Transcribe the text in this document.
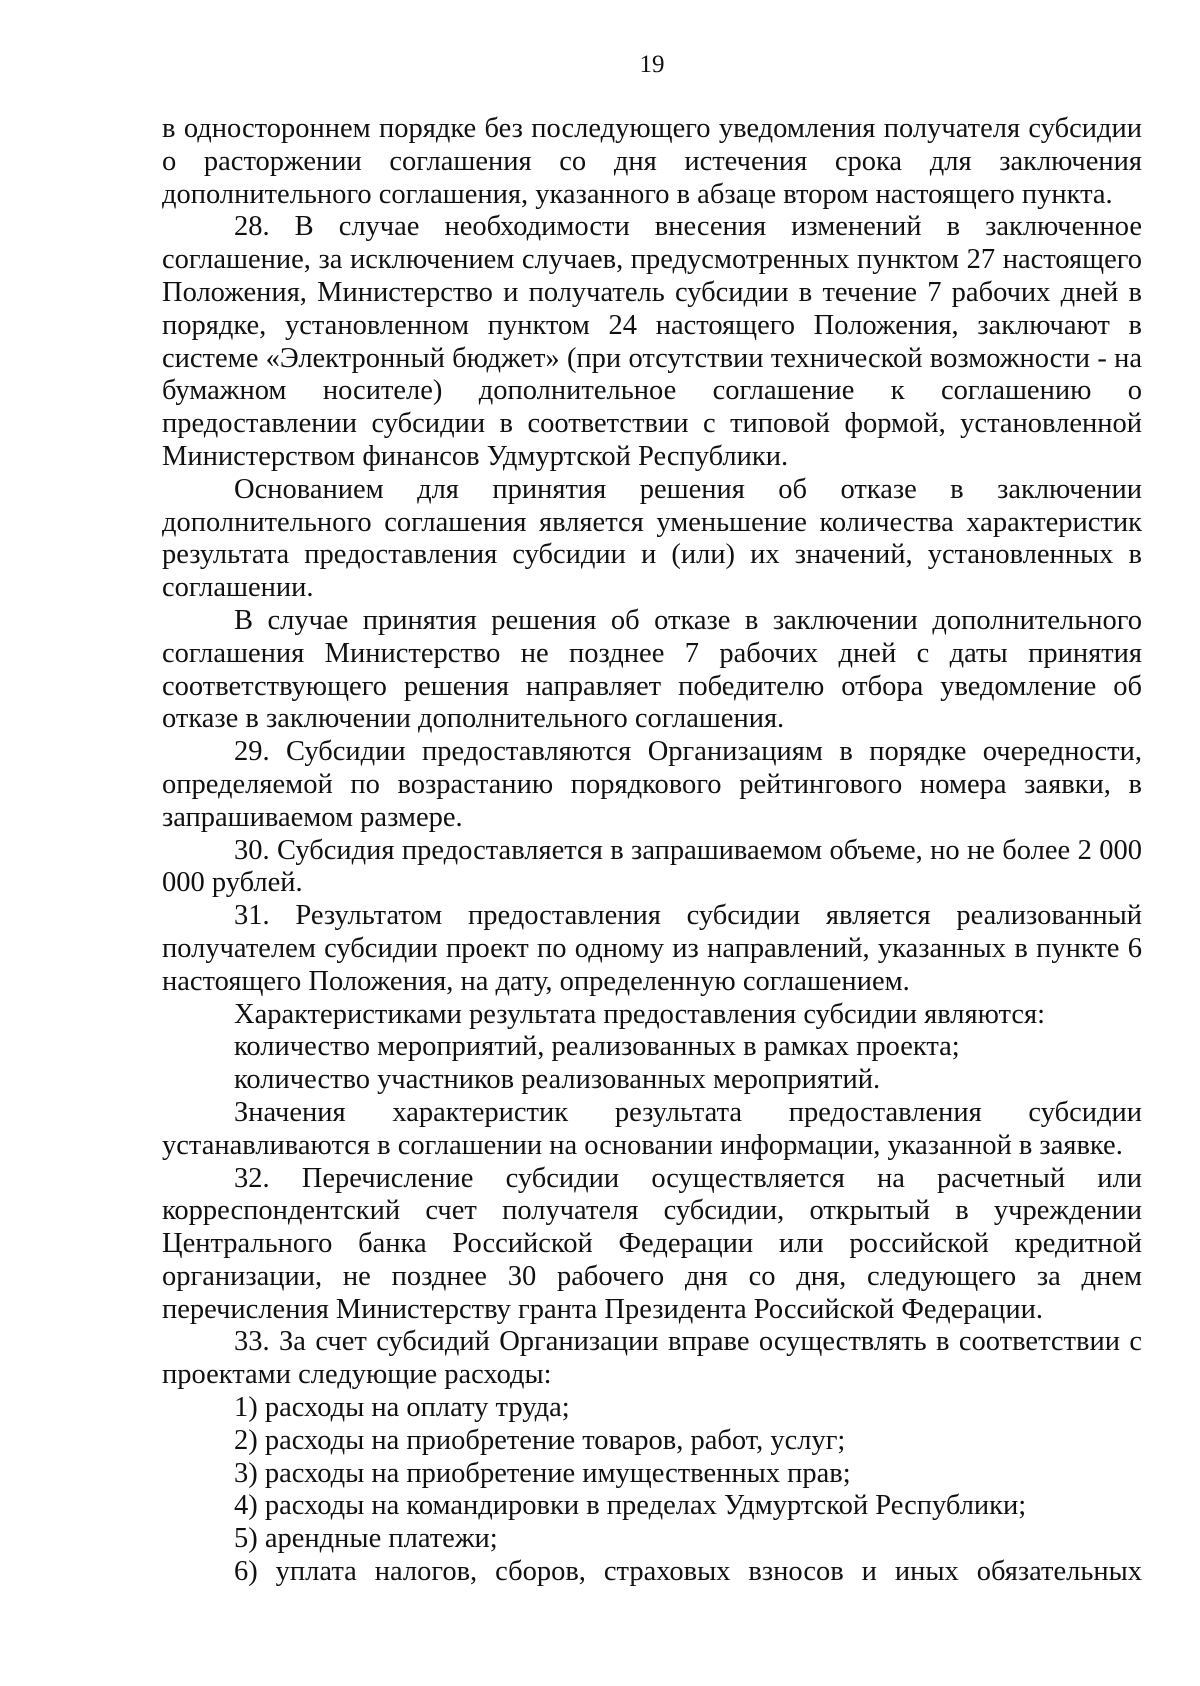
19

в одностороннем порядке без последующего уведомления получателя субсидии о расторжении соглашения со дня истечения срока для заключения дополнительного соглашения, указанного в абзаце втором настоящего пункта.

28. В случае необходимости внесения изменений в заключенное соглашение, за исключением случаев, предусмотренных пунктом 27 настоящего Положения, Министерство и получатель субсидии в течение 7 рабочих дней в порядке, установленном пунктом 24 настоящего Положения, заключают в системе «Электронный бюджет» (при отсутствии технической возможности - на бумажном носителе) дополнительное соглашение к соглашению о предоставлении субсидии в соответствии с типовой формой, установленной Министерством финансов Удмуртской Республики.

Основанием для принятия решения об отказе в заключении дополнительного соглашения является уменьшение количества характеристик результата предоставления субсидии и (или) их значений, установленных в соглашении.

В случае принятия решения об отказе в заключении дополнительного соглашения Министерство не позднее 7 рабочих дней с даты принятия соответствующего решения направляет победителю отбора уведомление об отказе в заключении дополнительного соглашения.

29. Субсидии предоставляются Организациям в порядке очередности, определяемой по возрастанию порядкового рейтингового номера заявки, в запрашиваемом размере.

30. Субсидия предоставляется в запрашиваемом объеме, но не более 2 000 000 рублей.

31. Результатом предоставления субсидии является реализованный получателем субсидии проект по одному из направлений, указанных в пункте 6 настоящего Положения, на дату, определенную соглашением.

Характеристиками результата предоставления субсидии являются:

количество мероприятий, реализованных в рамках проекта;

количество участников реализованных мероприятий.

Значения характеристик результата предоставления субсидии устанавливаются в соглашении на основании информации, указанной в заявке.

32. Перечисление субсидии осуществляется на расчетный или корреспондентский счет получателя субсидии, открытый в учреждении Центрального банка Российской Федерации или российской кредитной организации, не позднее 30 рабочего дня со дня, следующего за днем перечисления Министерству гранта Президента Российской Федерации.

33. За счет субсидий Организации вправе осуществлять в соответствии с проектами следующие расходы:

1) расходы на оплату труда;

2) расходы на приобретение товаров, работ, услуг;

3) расходы на приобретение имущественных прав;

4) расходы на командировки в пределах Удмуртской Республики;

5) арендные платежи;

6) уплата налогов, сборов, страховых взносов и иных обязательных
